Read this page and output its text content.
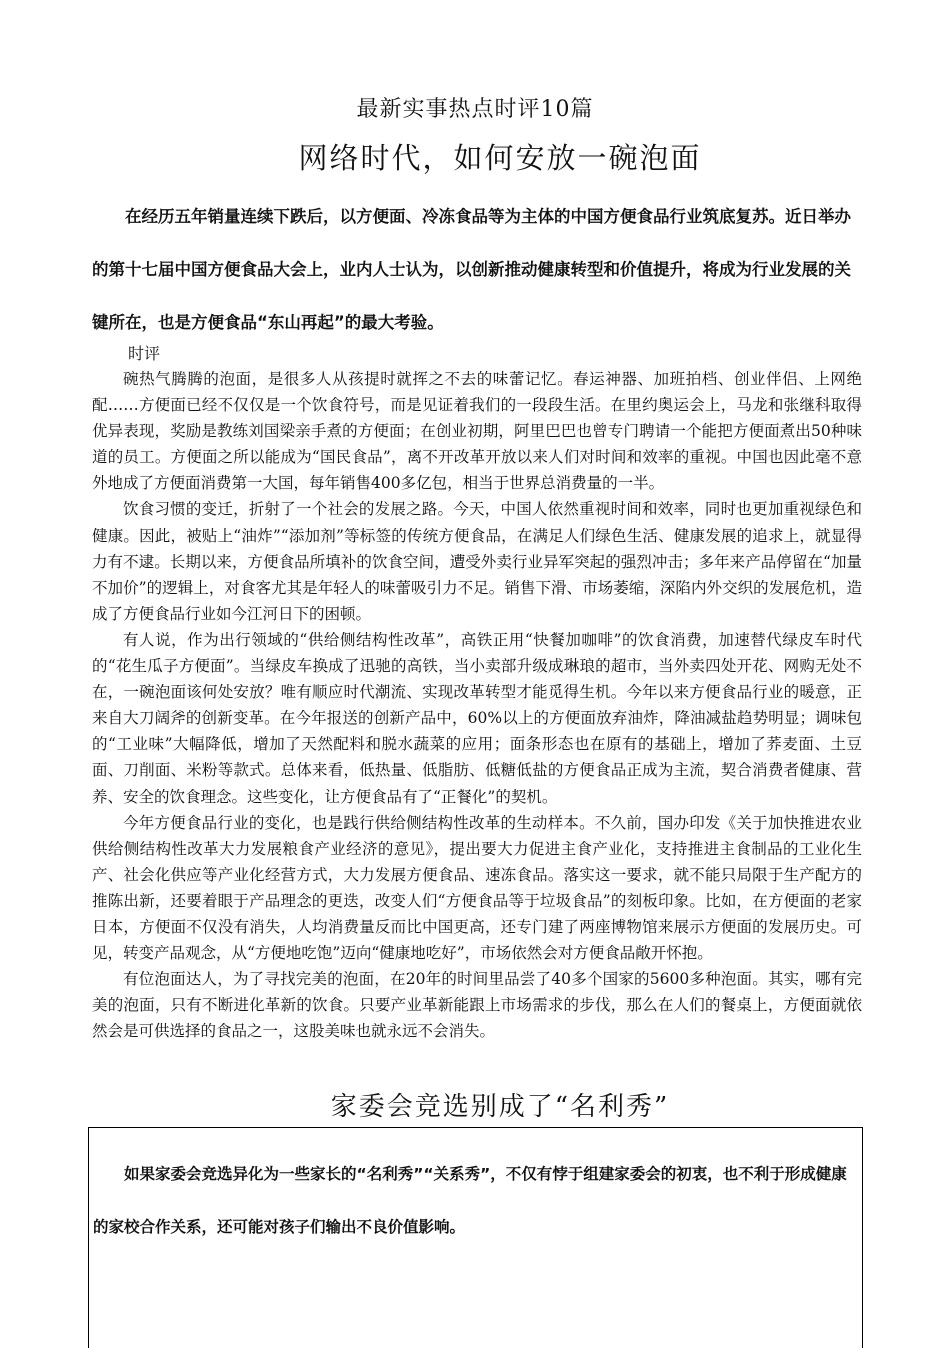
最新实事热点时评10篇
网络时代，如何安放一碗泡面

在经历五年销量连续下跌后，以方便面、冷冻食品等为主体的中国方便食品行业筑底复苏。近日举办的第十七届中国方便食品大会上，业内人士认为，以创新推动健康转型和价值提升，将成为行业发展的关键所在，也是方便食品“东山再起”的最大考验。

时评

碗热气腾腾的泡面，是很多人从孩提时就挥之不去的味蕾记忆。春运神器、加班拍档、创业伴侣、上网绝配……方便面已经不仅仅是一个饮食符号，而是见证着我们的一段段生活。在里约奥运会上，马龙和张继科取得优异表现，奖励是教练刘国梁亲手煮的方便面；在创业初期，阿里巴巴也曾专门聘请一个能把方便面煮出50种味道的员工。方便面之所以能成为“国民食品”，离不开改革开放以来人们对时间和效率的重视。中国也因此毫不意外地成了方便面消费第一大国，每年销售400多亿包，相当于世界总消费量的一半。

饮食习惯的变迁，折射了一个社会的发展之路。今天，中国人依然重视时间和效率，同时也更加重视绿色和健康。因此，被贴上“油炸”“添加剂”等标签的传统方便食品，在满足人们绿色生活、健康发展的追求上，就显得力有不逮。长期以来，方便食品所填补的饮食空间，遭受外卖行业异军突起的强烈冲击；多年来产品停留在“加量不加价”的逻辑上，对食客尤其是年轻人的味蕾吸引力不足。销售下滑、市场萎缩，深陷内外交织的发展危机，造成了方便食品行业如今江河日下的困顿。

有人说，作为出行领域的“供给侧结构性改革”，高铁正用“快餐加咖啡”的饮食消费，加速替代绿皮车时代的“花生瓜子方便面”。当绿皮车换成了迅驰的高铁，当小卖部升级成琳琅的超市，当外卖四处开花、网购无处不在，一碗泡面该何处安放？唯有顺应时代潮流、实现改革转型才能觅得生机。今年以来方便食品行业的暖意，正来自大刀阔斧的创新变革。在今年报送的创新产品中，60%以上的方便面放弃油炸，降油减盐趋势明显；调味包的“工业味”大幅降低，增加了天然配料和脱水蔬菜的应用；面条形态也在原有的基础上，增加了荞麦面、土豆面、刀削面、米粉等款式。总体来看，低热量、低脂肪、低糖低盐的方便食品正成为主流，契合消费者健康、营养、安全的饮食理念。这些变化，让方便食品有了“正餐化”的契机。

今年方便食品行业的变化，也是践行供给侧结构性改革的生动样本。不久前，国办印发《关于加快推进农业供给侧结构性改革大力发展粮食产业经济的意见》，提出要大力促进主食产业化，支持推进主食制品的工业化生产、社会化供应等产业化经营方式，大力发展方便食品、速冻食品。落实这一要求，就不能只局限于生产配方的推陈出新，还要着眼于产品理念的更迭，改变人们“方便食品等于垃圾食品”的刻板印象。比如，在方便面的老家日本，方便面不仅没有消失，人均消费量反而比中国更高，还专门建了两座博物馆来展示方便面的发展历史。可见，转变产品观念，从“方便地吃饱”迈向“健康地吃好”，市场依然会对方便食品敞开怀抱。

有位泡面达人，为了寻找完美的泡面，在20年的时间里品尝了40多个国家的5600多种泡面。其实，哪有完美的泡面，只有不断进化革新的饮食。只要产业革新能跟上市场需求的步伐，那么在人们的餐桌上，方便面就依然会是可供选择的食品之一，这股美味也就永远不会消失。

家委会竞选别成了“名利秀”

如果家委会竞选异化为一些家长的“名利秀”“关系秀”，不仅有悖于组建家委会的初衷，也不利于形成健康的家校合作关系，还可能对孩子们输出不良价值影响。
